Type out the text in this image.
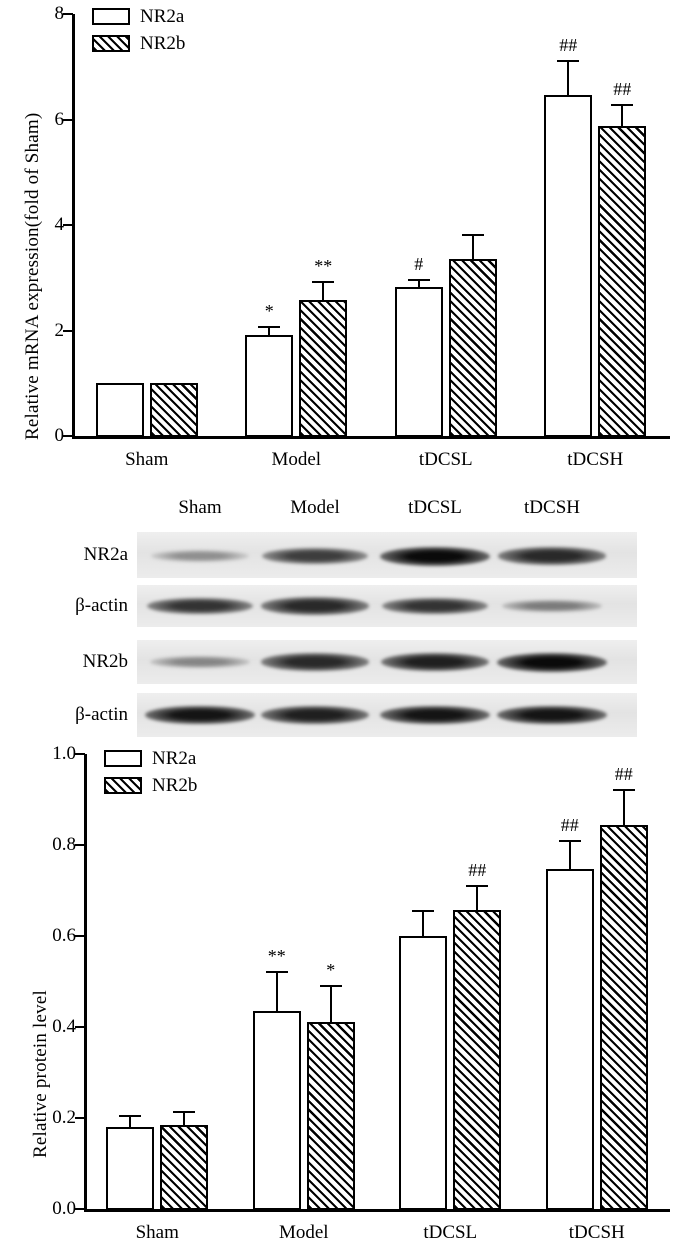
0
2
4
6
8
Relative mRNA expression(fold of Sham)
Sham	Model
*
**
tDCSL
#
tDCSH
##
##
NR2a
NR2b
Sham	Model	tDCSL	tDCSH
NR2a
β-actin
NR2b
β-actin
0.0
0.2
0.4
0.6
0.8
1.0
Relative protein level
Sham	Model
**
*
tDCSL
##
tDCSH
##
##
NR2a
NR2b
